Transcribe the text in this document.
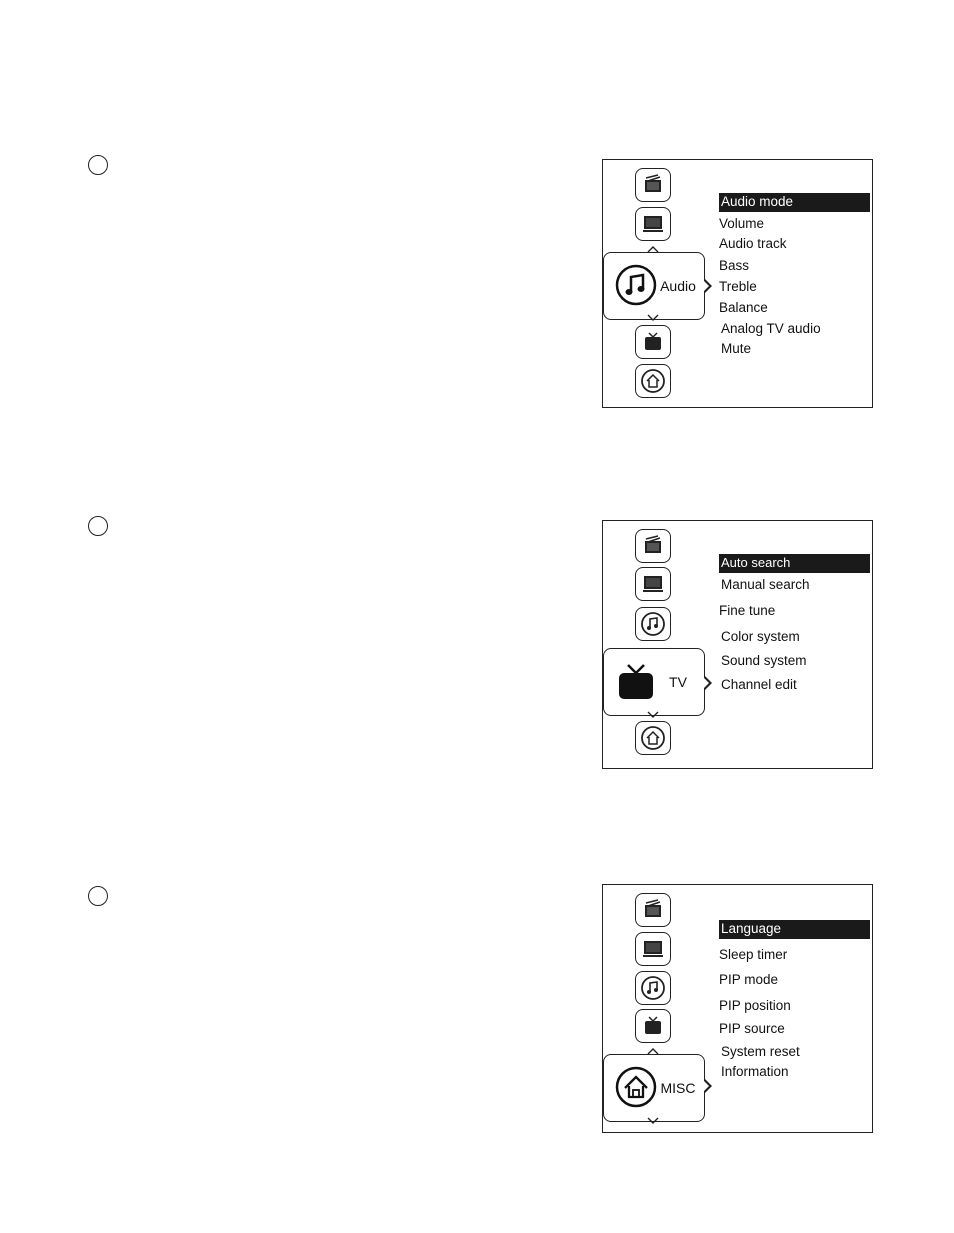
Audio
Audio mode
Volume
Audio track
Bass
Treble
Balance
Analog TV audio
Mute
TV
Auto search
Manual search
Fine tune
Color system
Sound system
Channel edit
MISC
Language
Sleep timer
PIP mode
PIP position
PIP source
System reset
Information
